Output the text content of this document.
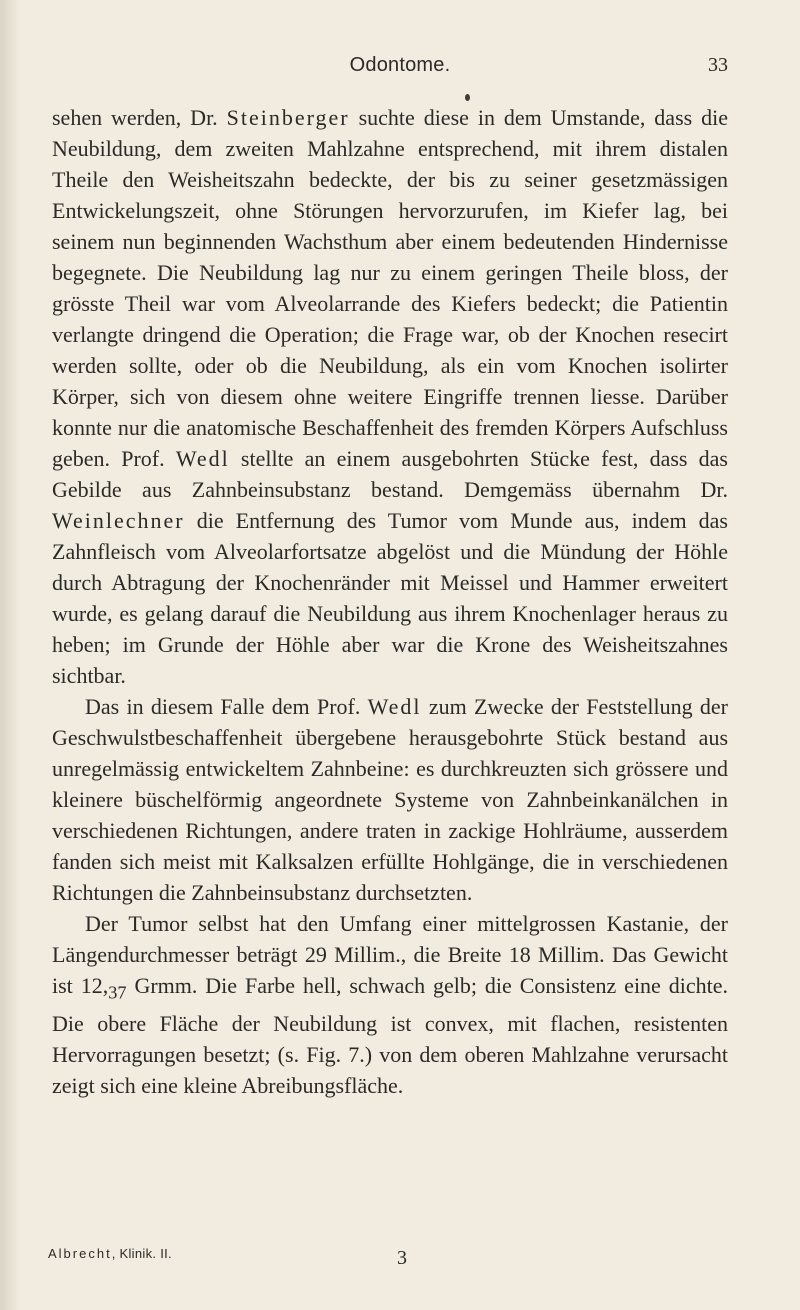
Odontome.	33

sehen werden, Dr. Steinberger suchte diese in dem Umstande, dass die Neubildung, dem zweiten Mahlzahne entsprechend, mit ihrem distalen Theile den Weisheitszahn bedeckte, der bis zu seiner gesetzmässigen Entwickelungszeit, ohne Störungen hervorzurufen, im Kiefer lag, bei seinem nun beginnenden Wachsthum aber einem bedeutenden Hindernisse begegnete. Die Neubildung lag nur zu einem geringen Theile bloss, der grösste Theil war vom Alveolarrande des Kiefers bedeckt; die Patientin verlangte dringend die Operation; die Frage war, ob der Knochen resecirt werden sollte, oder ob die Neubildung, als ein vom Knochen isolirter Körper, sich von diesem ohne weitere Eingriffe trennen liesse. Darüber konnte nur die anatomische Beschaffenheit des fremden Körpers Aufschluss geben. Prof. Wedl stellte an einem ausgebohrten Stücke fest, dass das Gebilde aus Zahnbeinsubstanz bestand. Demgemäss übernahm Dr. Weinlechner die Entfernung des Tumor vom Munde aus, indem das Zahnfleisch vom Alveolarfortsatze abgelöst und die Mündung der Höhle durch Abtragung der Knochenränder mit Meissel und Hammer erweitert wurde, es gelang darauf die Neubildung aus ihrem Knochenlager heraus zu heben; im Grunde der Höhle aber war die Krone des Weisheitszahnes sichtbar.

Das in diesem Falle dem Prof. Wedl zum Zwecke der Feststellung der Geschwulstbeschaffenheit übergebene herausgebohrte Stück bestand aus unregelmässig entwickeltem Zahnbeine: es durchkreuzten sich grössere und kleinere büschelförmig angeordnete Systeme von Zahnbeinkanälchen in verschiedenen Richtungen, andere traten in zackige Hohlräume, ausserdem fanden sich meist mit Kalksalzen erfüllte Hohlgänge, die in verschiedenen Richtungen die Zahnbeinsubstanz durchsetzten.

Der Tumor selbst hat den Umfang einer mittelgrossen Kastanie, der Längendurchmesser beträgt 29 Millim., die Breite 18 Millim. Das Gewicht ist $12,_{37}$ Grmm. Die Farbe hell, schwach gelb; die Consistenz eine dichte. Die obere Fläche der Neubildung ist convex, mit flachen, resistenten Hervorragungen besetzt; (s. Fig. 7.) von dem oberen Mahlzahne verursacht zeigt sich eine kleine Abreibungsfläche.

Albrecht, Klinik. II.	3
